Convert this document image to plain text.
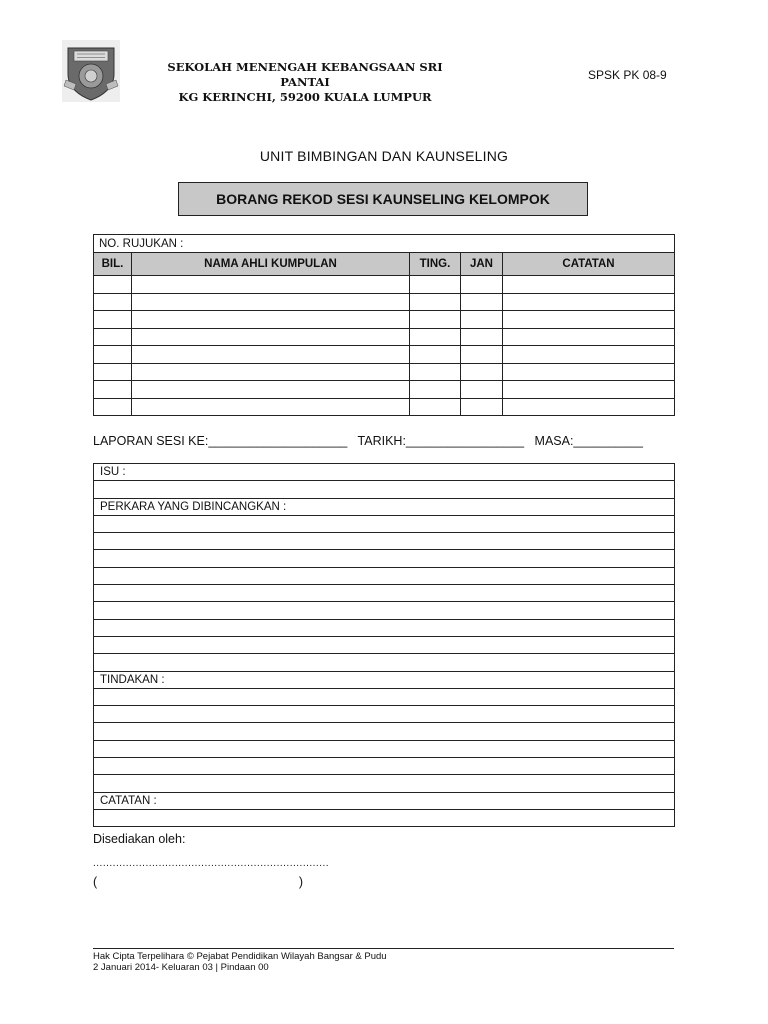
SEKOLAH MENENGAH KEBANGSAAN SRI PANTAI
KG KERINCHI, 59200 KUALA LUMPUR
SPSK PK 08-9
UNIT BIMBINGAN DAN KAUNSELING
BORANG REKOD SESI KAUNSELING KELOMPOK
NO. RUJUKAN :				
BIL.	NAMA AHLI KUMPULAN	TING.	JAN	CATATAN

LAPORAN SESI KE:____________________   TARIKH:_________________   MASA:__________
ISU :

PERKARA YANG DIBINCANGKAN :

TINDAKAN :

CATATAN :

Disediakan oleh:
........................................................................
(	)
Hak Cipta Terpelihara © Pejabat Pendidikan Wilayah Bangsar & Pudu
2 Januari 2014- Keluaran 03 | Pindaan 00
